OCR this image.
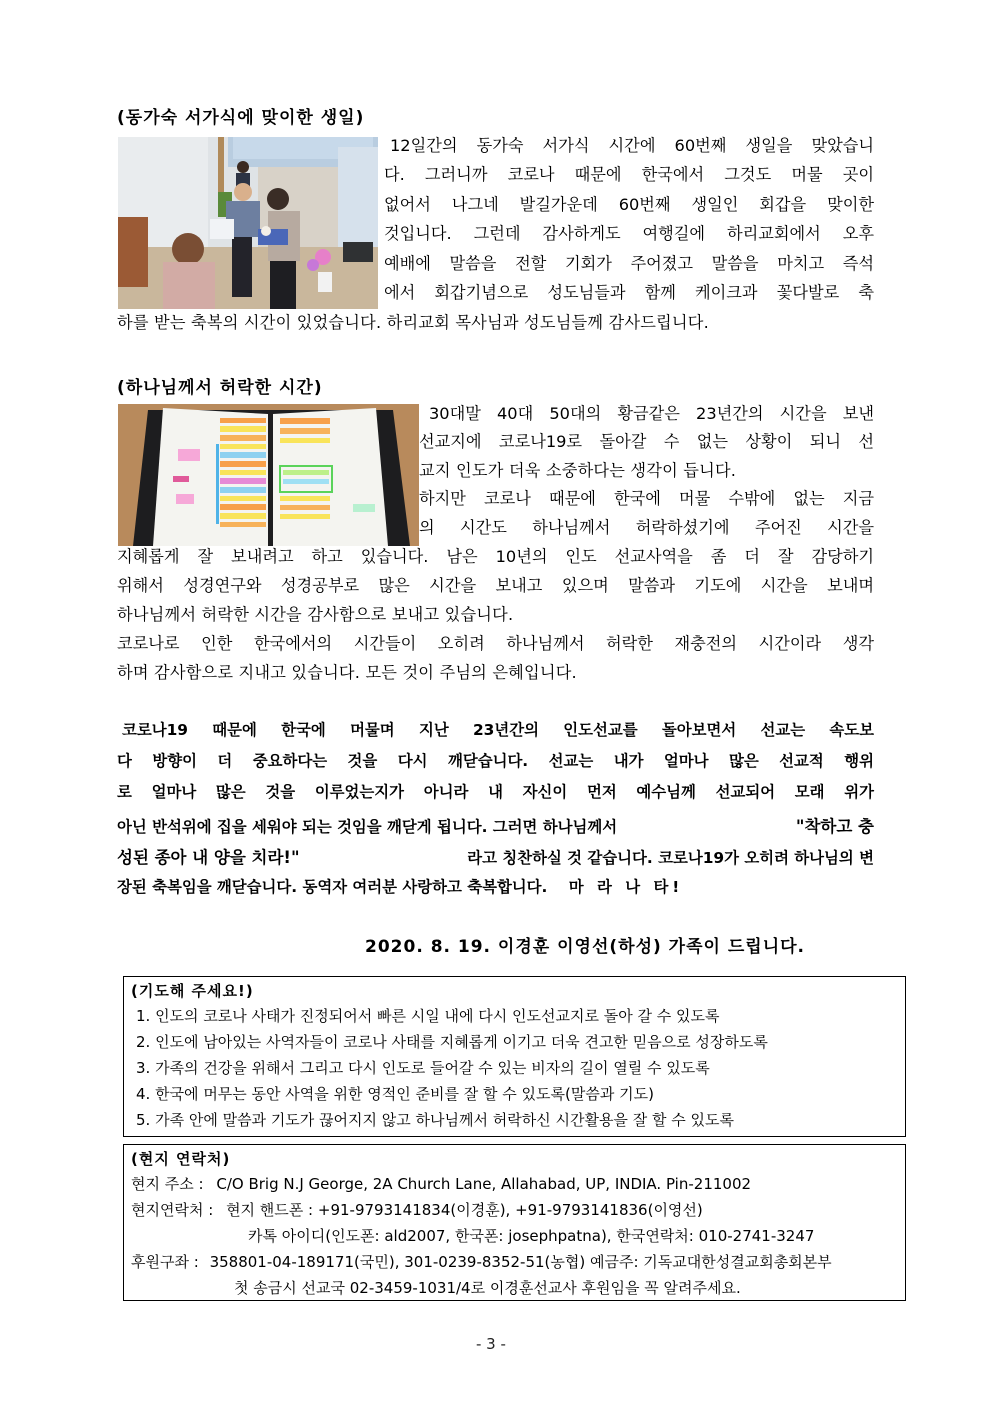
(동가숙 서가식에 맞이한 생일)
12일간의 동가숙 서가식 시간에 60번째 생일을 맞았습니
다. 그러니까 코로나 때문에 한국에서 그것도 머물 곳이
없어서 나그네 발길가운데 60번째 생일인 회갑을 맞이한
것입니다. 그런데 감사하게도 여행길에 하리교회에서 오후
예배에 말씀을 전할 기회가 주어졌고 말씀을 마치고 즉석
에서 회갑기념으로 성도님들과 함께 케이크과 꽃다발로 축
하를 받는 축복의 시간이 있었습니다. 하리교회 목사님과 성도님들께 감사드립니다.
(하나님께서 허락한 시간)
30대말 40대 50대의 황금같은 23년간의 시간을 보낸
선교지에 코로나19로 돌아갈 수 없는 상황이 되니 선
교지 인도가 더욱 소중하다는 생각이 듭니다.
하지만 코로나 때문에 한국에 머물 수밖에 없는 지금
의 시간도 하나님께서 허락하셨기에 주어진 시간을
지혜롭게 잘 보내려고 하고 있습니다. 남은 10년의 인도 선교사역을 좀 더 잘 감당하기
위해서 성경연구와 성경공부로 많은 시간을 보내고 있으며 말씀과 기도에 시간을 보내며
하나님께서 허락한 시간을 감사함으로 보내고 있습니다.
코로나로 인한 한국에서의 시간들이 오히려 하나님께서 허락한 재충전의 시간이라 생각
하며 감사함으로 지내고 있습니다. 모든 것이 주님의 은혜입니다.
코로나19 때문에 한국에 머물며 지난 23년간의 인도선교를 돌아보면서 선교는 속도보
다 방향이 더 중요하다는 것을 다시 깨닫습니다. 선교는 내가 얼마나 많은 선교적 행위
로 얼마나 많은 것을 이루었는지가 아니라 내 자신이 먼저 예수님께 선교되어 모래 위가
아닌 반석위에 집을 세워야 되는 것임을 깨닫게 됩니다. 그러면 하나님께서	"착하고 충
성된 종아 내 양을 치라!"	라고 칭찬하실 것 같습니다. 코로나19가 오히려 하나님의 변
장된 축복임을 깨닫습니다. 동역자 여러분 사랑하고 축복합니다. 마 라 나 타!
2020. 8. 19. 이경훈 이영선(하성) 가족이 드립니다.
(기도해 주세요!)
1. 인도의 코로나 사태가 진정되어서 빠른 시일 내에 다시 인도선교지로 돌아 갈 수 있도록
2. 인도에 남아있는 사역자들이 코로나 사태를 지혜롭게 이기고 더욱 견고한 믿음으로 성장하도록
3. 가족의 건강을 위해서 그리고 다시 인도로 들어갈 수 있는 비자의 길이 열릴 수 있도록
4. 한국에 머무는 동안 사역을 위한 영적인 준비를 잘 할 수 있도록(말씀과 기도)
5. 가족 안에 말씀과 기도가 끊어지지 않고 하나님께서 허락하신 시간활용을 잘 할 수 있도록
(현지 연락처)
현지 주소 : C/O Brig N.J George, 2A Church Lane, Allahabad, UP, INDIA. Pin-211002
현지연락처 : 현지 핸드폰 : +91-9793141834(이경훈), +91-9793141836(이영선)
카톡 아이디(인도폰: ald2007, 한국폰: josephpatna), 한국연락처: 010-2741-3247
후원구좌 : 358801-04-189171(국민), 301-0239-8352-51(농협) 예금주: 기독교대한성결교회총회본부
첫 송금시 선교국 02-3459-1031/4로 이경훈선교사 후원임을 꼭 알려주세요.
- 3 -
